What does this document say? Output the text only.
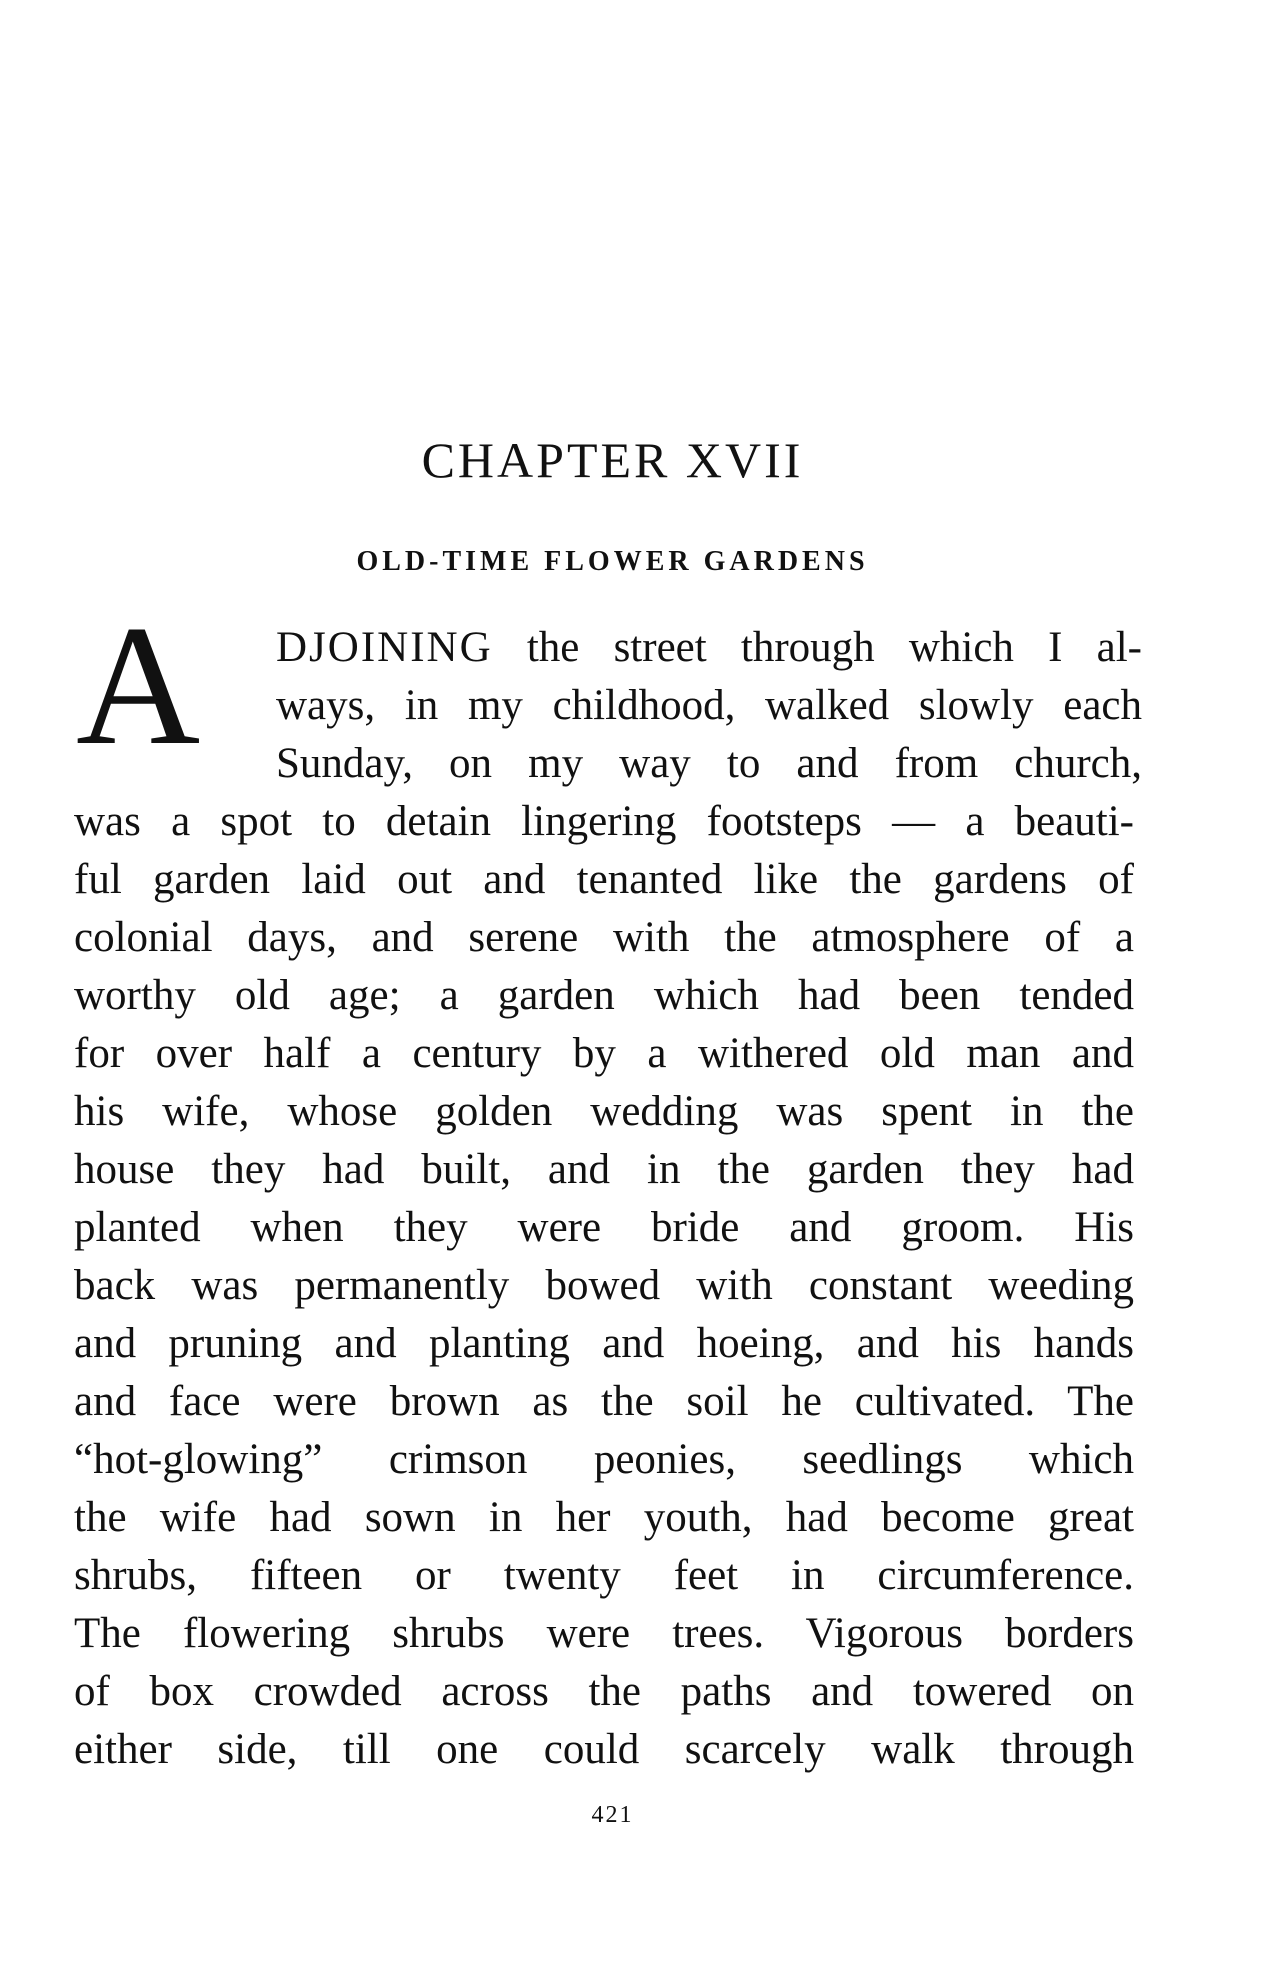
CHAPTER XVII
OLD-TIME FLOWER GARDENS
A DJOINING the street through which I al-
ways, in my childhood, walked slowly each
Sunday, on my way to and from church,
was a spot to detain lingering footsteps — a beauti-
ful garden laid out and tenanted like the gardens of
colonial days, and serene with the atmosphere of a
worthy old age; a garden which had been tended
for over half a century by a withered old man and
his wife, whose golden wedding was spent in the
house they had built, and in the garden they had
planted when they were bride and groom. His
back was permanently bowed with constant weeding
and pruning and planting and hoeing, and his hands
and face were brown as the soil he cultivated. The
“hot-glowing” crimson peonies, seedlings which
the wife had sown in her youth, had become great
shrubs, fifteen or twenty feet in circumference.
The flowering shrubs were trees. Vigorous borders
of box crowded across the paths and towered on
either side, till one could scarcely walk through
421
